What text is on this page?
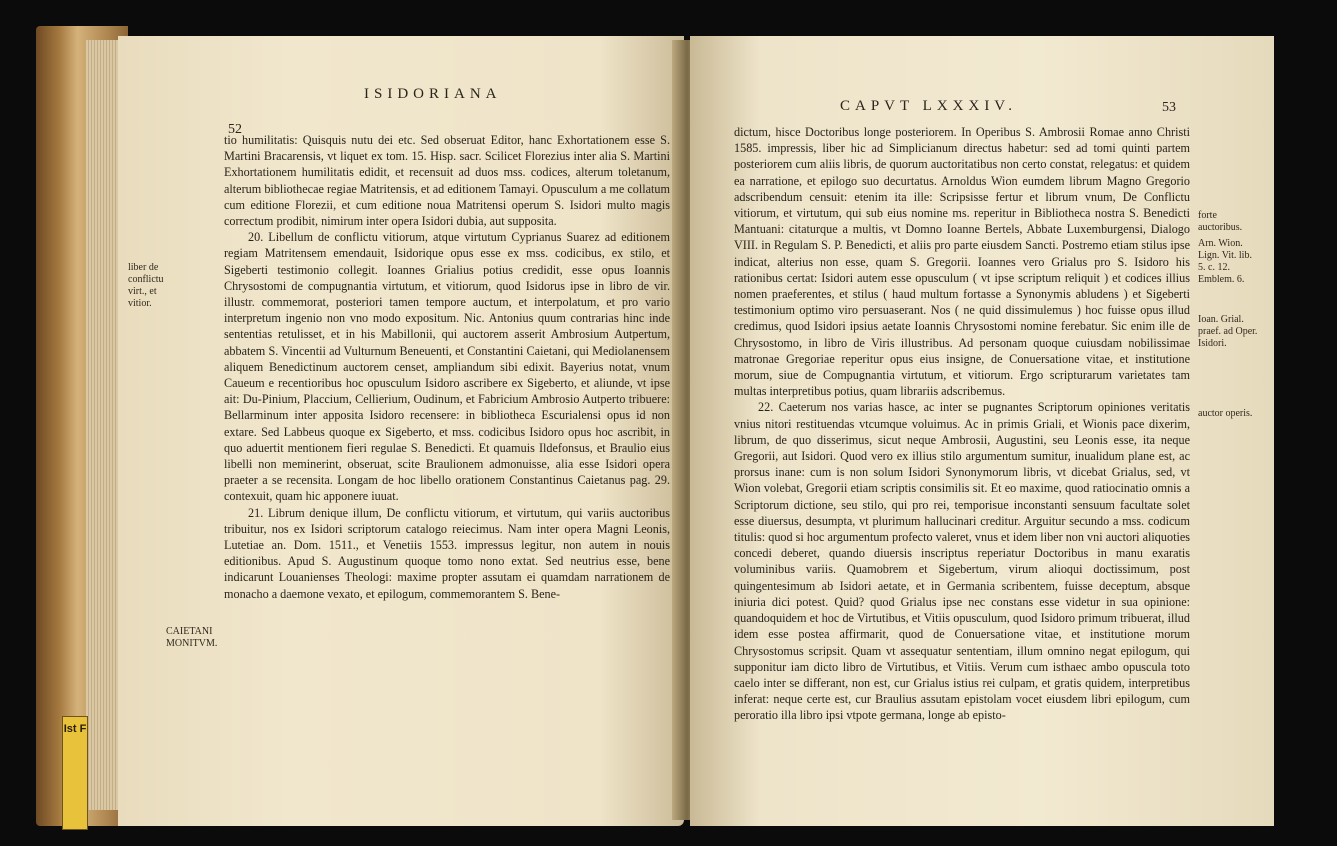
Ist F
52
ISIDORIANA

tio humilitatis: Quisquis nutu dei etc. Sed obseruat Editor, hanc Exhortationem esse S. Martini Bracarensis, vt liquet ex tom. 15. Hisp. sacr. Scilicet Florezius inter alia S. Martini Exhortationem humilitatis edidit, et recensuit ad duos mss. codices, alterum toletanum, alterum bibliothecae regiae Matritensis, et ad editionem Tamayi. Opusculum a me collatum cum editione Florezii, et cum editione noua Matritensi operum S. Isidori multo magis correctum prodibit, nimirum inter opera Isidori dubia, aut supposita.

20. Libellum de conflictu vitiorum, atque virtutum Cyprianus Suarez ad editionem regiam Matritensem emendauit, Isidorique opus esse ex mss. codicibus, ex stilo, et Sigeberti testimonio collegit. Ioannes Grialius potius credidit, esse opus Ioannis Chrysostomi de compugnantia virtutum, et vitiorum, quod Isidorus ipse in libro de vir. illustr. commemorat, posteriori tamen tempore auctum, et interpolatum, et pro vario interpretum ingenio non vno modo expositum. Nic. Antonius quum contrarias hinc inde sententias retulisset, et in his Mabillonii, qui auctorem asserit Ambrosium Autpertum, abbatem S. Vincentii ad Vulturnum Beneuenti, et Constantini Caietani, qui Mediolanensem aliquem Benedictinum auctorem censet, ampliandum sibi edixit. Bayerius notat, vnum Caueum e recentioribus hoc opusculum Isidoro ascribere ex Sigeberto, et aliunde, vt ipse ait: Du-Pinium, Placcium, Cellierium, Oudinum, et Fabricium Ambrosio Autperto tribuere: Bellarminum inter apposita Isidoro recensere: in bibliotheca Escurialensi opus id non extare. Sed Labbeus quoque ex Sigeberto, et mss. codicibus Isidoro opus hoc ascribit, in quo aduertit mentionem fieri regulae S. Benedicti. Et quamuis Ildefonsus, et Braulio eius libelli non meminerint, obseruat, scite Braulionem admonuisse, alia esse Isidori opera praeter a se recensita. Longam de hoc libello orationem Constantinus Caietanus pag. 29. contexuit, quam hic apponere iuuat.

21. Librum denique illum, De conflictu vitiorum, et virtutum, qui variis auctoribus tribuitur, nos ex Isidori scriptorum catalogo reiecimus. Nam inter opera Magni Leonis, Lutetiae an. Dom. 1511., et Venetiis 1553. impressus legitur, non autem in nouis editionibus. Apud S. Augustinum quoque tomo nono extat. Sed neutrius esse, bene indicarunt Louanienses Theologi: maxime propter assutam ei quamdam narrationem de monacho a daemone vexato, et epilogum, commemorantem S. Bene-

liber de conflictu virt., et vitior.
CAIETANI MONITVM.
CAPVT LXXXIV.	53

dictum, hisce Doctoribus longe posteriorem. In Operibus S. Ambrosii Romae anno Christi 1585. impressis, liber hic ad Simplicianum directus habetur: sed ad tomi quinti partem posteriorem cum aliis libris, de quorum auctoritatibus non certo constat, relegatus: et quidem ea narratione, et epilogo suo decurtatus. Arnoldus Wion eumdem librum Magno Gregorio adscribendum censuit: etenim ita ille: Scripsisse fertur et librum vnum, De Conflictu vitiorum, et virtutum, qui sub eius nomine ms. reperitur in Bibliotheca nostra S. Benedicti Mantuani: citaturque a multis, vt Domno Ioanne Bertels, Abbate Luxemburgensi, Dialogo VIII. in Regulam S. P. Benedicti, et aliis pro parte eiusdem Sancti. Postremo etiam stilus ipse indicat, alterius non esse, quam S. Gregorii. Ioannes vero Grialus pro S. Isidoro his rationibus certat: Isidori autem esse opusculum ( vt ipse scriptum reliquit ) et codices illius nomen praeferentes, et stilus ( haud multum fortasse a Synonymis abludens ) et Sigeberti testimonium optimo viro persuaserant. Nos ( ne quid dissimulemus ) hoc fuisse opus illud credimus, quod Isidori ipsius aetate Ioannis Chrysostomi nomine ferebatur. Sic enim ille de Chrysostomo, in libro de Viris illustribus. Ad personam quoque cuiusdam nobilissimae matronae Gregoriae reperitur opus eius insigne, de Conuersatione vitae, et institutione morum, siue de Compugnantia virtutum, et vitiorum. Ergo scripturarum varietates tam multas interpretibus potius, quam librariis adscribemus.

22. Caeterum nos varias hasce, ac inter se pugnantes Scriptorum opiniones veritatis vnius nitori restituendas vtcumque voluimus. Ac in primis Griali, et Wionis pace dixerim, librum, de quo disserimus, sicut neque Ambrosii, Augustini, seu Leonis esse, ita neque Gregorii, aut Isidori. Quod vero ex illius stilo argumentum sumitur, inualidum plane est, ac prorsus inane: cum is non solum Isidori Synonymorum libris, vt dicebat Grialus, sed, vt Wion volebat, Gregorii etiam scriptis consimilis sit. Et eo maxime, quod ratiocinatio omnis a Scriptorum dictione, seu stilo, qui pro rei, temporisue inconstanti sensuum facultate solet esse diuersus, desumpta, vt plurimum hallucinari creditur. Arguitur secundo a mss. codicum titulis: quod si hoc argumentum profecto valeret, vnus et idem liber non vni auctori aliquoties concedi deberet, quando diuersis inscriptus reperiatur Doctoribus in manu exaratis voluminibus variis. Quamobrem et Sigebertum, virum alioqui doctissimum, post quingentesimum ab Isidori aetate, et in Germania scribentem, fuisse deceptum, absque iniuria dici potest. Quid? quod Grialus ipse nec constans esse videtur in sua opinione: quandoquidem et hoc de Virtutibus, et Vitiis opusculum, quod Isidoro primum tribuerat, illud idem esse postea affirmarit, quod de Conuersatione vitae, et institutione morum Chrysostomus scripsit. Quam vt assequatur sententiam, illum omnino negat epilogum, qui supponitur iam dicto libro de Virtutibus, et Vitiis. Verum cum isthaec ambo opuscula toto caelo inter se differant, non est, cur Grialus istius rei culpam, et gratis quidem, interpretibus inferat: neque certe est, cur Braulius assutam epistolam vocet eiusdem libri epilogum, cum peroratio illa libro ipsi vtpote germana, longe ab episto-

forte auctoribus.
Arn. Wion. Lign. Vit. lib. 5. c. 12. Emblem. 6.
Ioan. Grial. praef. ad Oper. Isidori.
auctor operis.
